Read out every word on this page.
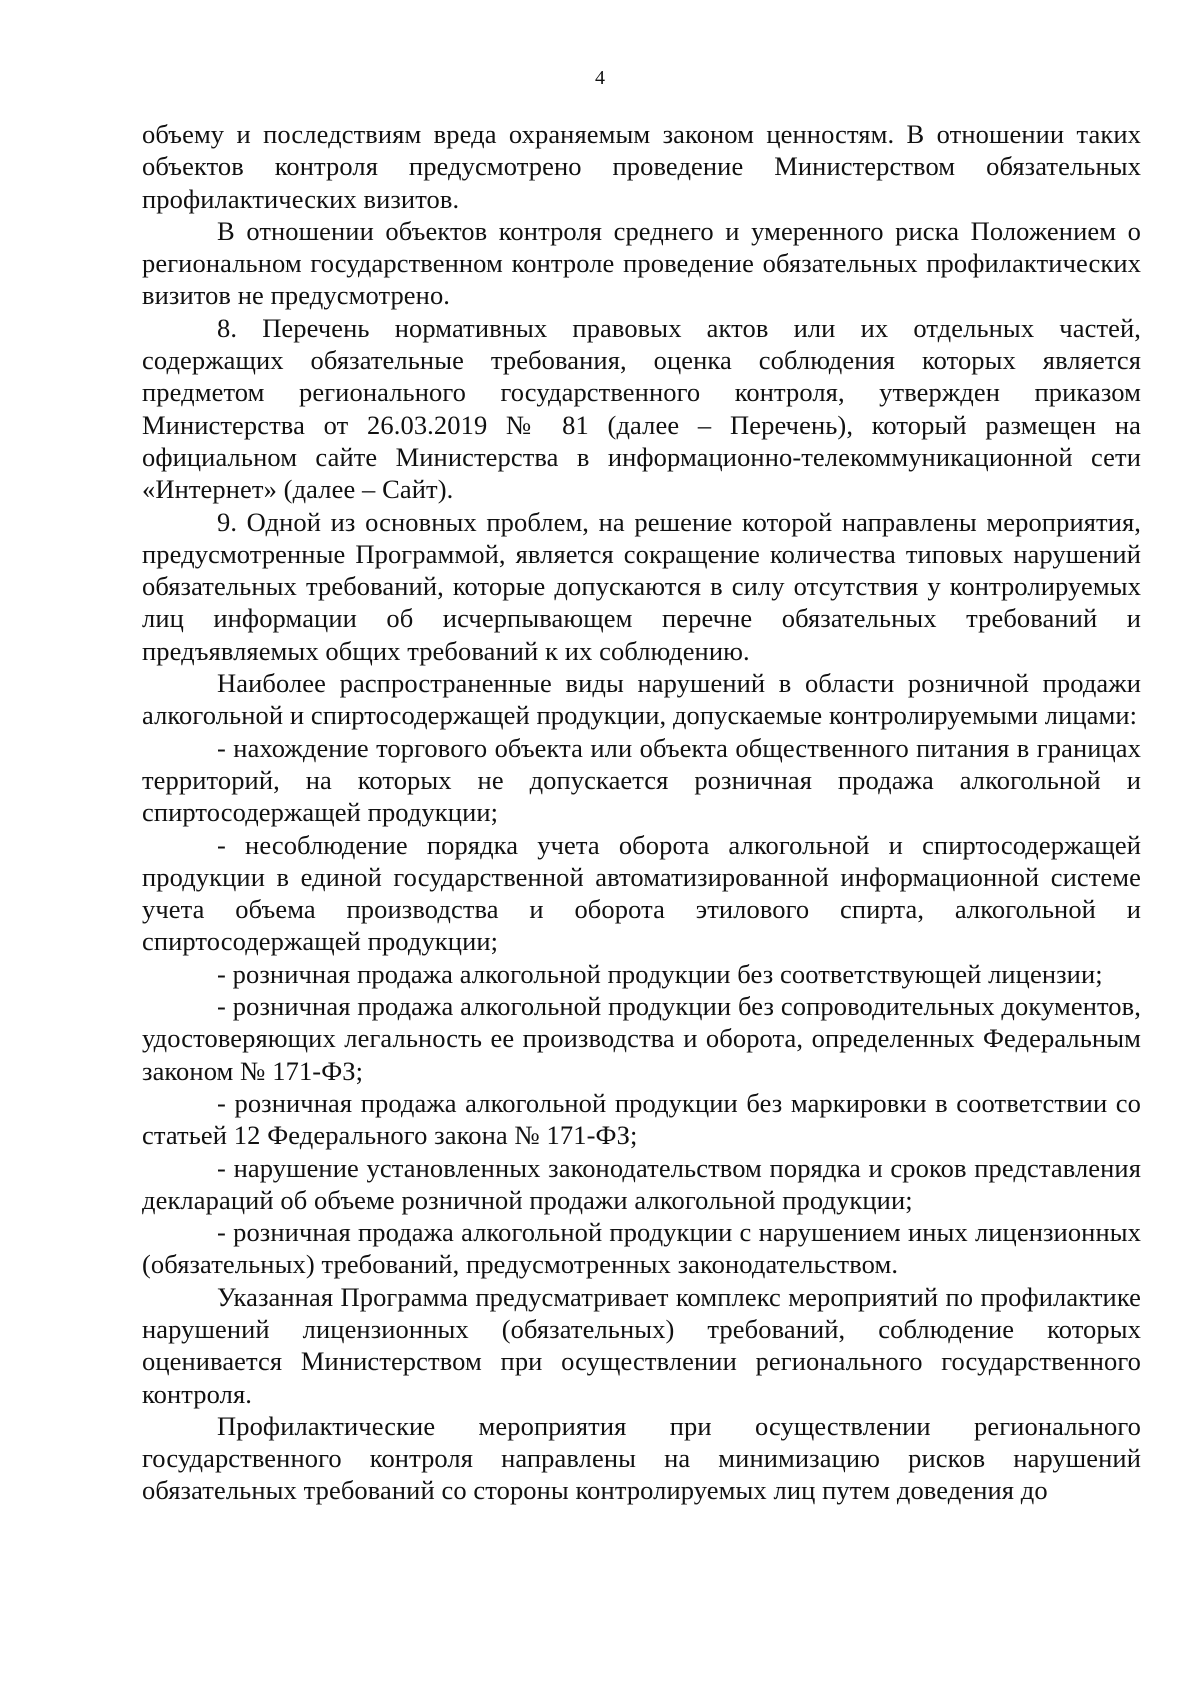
4

объему и последствиям вреда охраняемым законом ценностям. В отношении таких объектов контроля предусмотрено проведение Министерством обязательных профилактических визитов.

В отношении объектов контроля среднего и умеренного риска Положением о региональном государственном контроле проведение обязательных профилактических визитов не предусмотрено.

8. Перечень нормативных правовых актов или их отдельных частей, содержащих обязательные требования, оценка соблюдения которых является предметом регионального государственного контроля, утвержден приказом Министерства от 26.03.2019 № 81 (далее – Перечень), который размещен на официальном сайте Министерства в информационно-телекоммуникационной сети «Интернет» (далее – Сайт).

9. Одной из основных проблем, на решение которой направлены мероприятия, предусмотренные Программой, является сокращение количества типовых нарушений обязательных требований, которые допускаются в силу отсутствия у контролируемых лиц информации об исчерпывающем перечне обязательных требований и предъявляемых общих требований к их соблюдению.

Наиболее распространенные виды нарушений в области розничной продажи алкогольной и спиртосодержащей продукции, допускаемые контролируемыми лицами:

- нахождение торгового объекта или объекта общественного питания в границах территорий, на которых не допускается розничная продажа алкогольной и спиртосодержащей продукции;

- несоблюдение порядка учета оборота алкогольной и спиртосодержащей продукции в единой государственной автоматизированной информационной системе учета объема производства и оборота этилового спирта, алкогольной и спиртосодержащей продукции;

- розничная продажа алкогольной продукции без соответствующей лицензии;

- розничная продажа алкогольной продукции без сопроводительных документов, удостоверяющих легальность ее производства и оборота, определенных Федеральным законом № 171-ФЗ;

- розничная продажа алкогольной продукции без маркировки в соответствии со статьей 12 Федерального закона № 171-ФЗ;

- нарушение установленных законодательством порядка и сроков представления деклараций об объеме розничной продажи алкогольной продукции;

- розничная продажа алкогольной продукции с нарушением иных лицензионных (обязательных) требований, предусмотренных законодательством.

Указанная Программа предусматривает комплекс мероприятий по профилактике нарушений лицензионных (обязательных) требований, соблюдение которых оценивается Министерством при осуществлении регионального государственного контроля.

Профилактические мероприятия при осуществлении регионального государственного контроля направлены на минимизацию рисков нарушений обязательных требований со стороны контролируемых лиц путем доведения до
